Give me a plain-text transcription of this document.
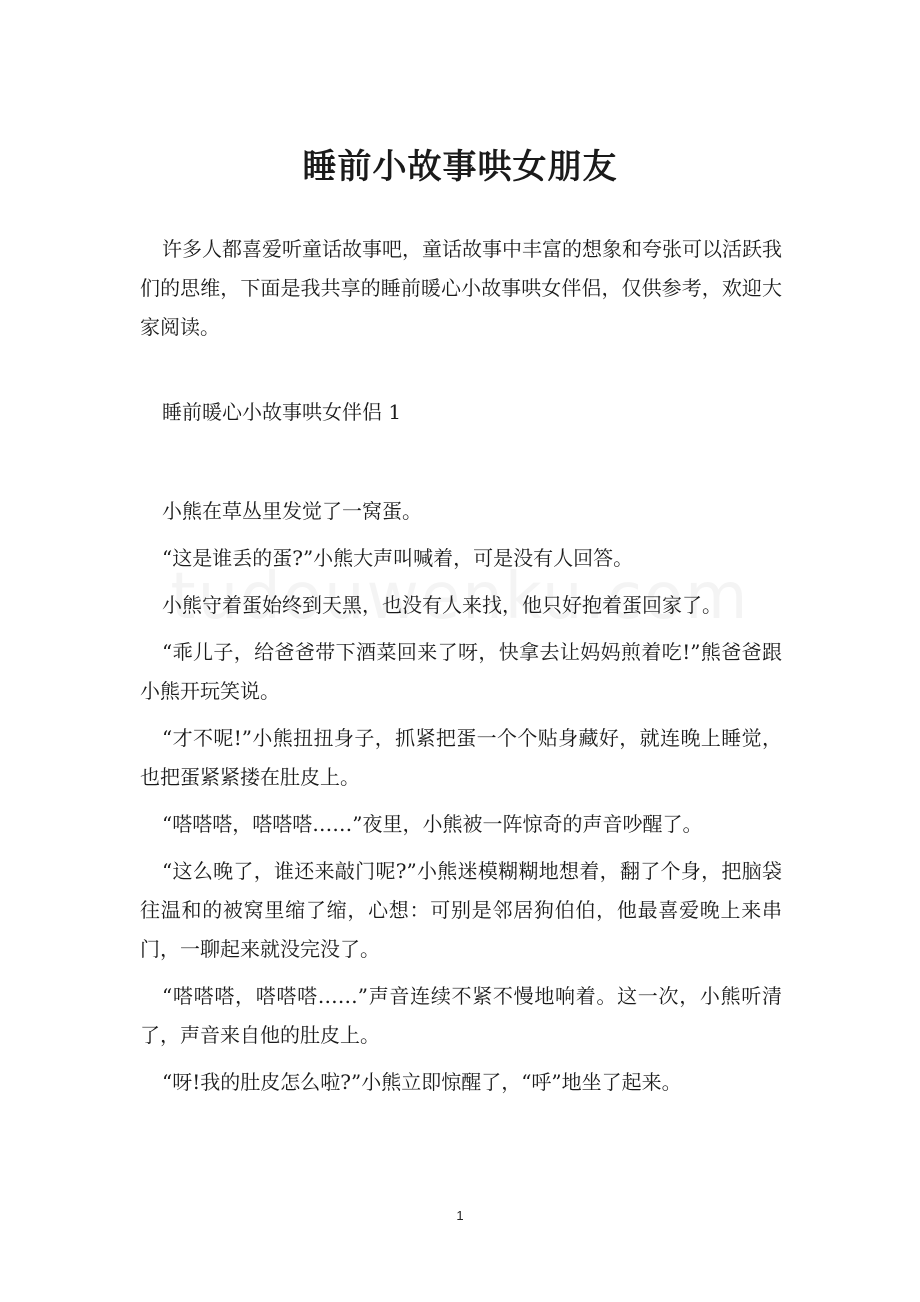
睡前小故事哄女朋友

许多人都喜爱听童话故事吧，童话故事中丰富的想象和夸张可以活跃我们的思维，下面是我共享的睡前暖心小故事哄女伴侣，仅供参考，欢迎大家阅读。

睡前暖心小故事哄女伴侣 1

小熊在草丛里发觉了一窝蛋。

“这是谁丢的蛋?”小熊大声叫喊着，可是没有人回答。

小熊守着蛋始终到天黑，也没有人来找，他只好抱着蛋回家了。

“乖儿子，给爸爸带下酒菜回来了呀，快拿去让妈妈煎着吃!”熊爸爸跟小熊开玩笑说。

“才不呢!”小熊扭扭身子，抓紧把蛋一个个贴身藏好，就连晚上睡觉，也把蛋紧紧搂在肚皮上。

“嗒嗒嗒，嗒嗒嗒……”夜里，小熊被一阵惊奇的声音吵醒了。

“这么晚了，谁还来敲门呢?”小熊迷模糊糊地想着，翻了个身，把脑袋往温和的被窝里缩了缩，心想：可别是邻居狗伯伯，他最喜爱晚上来串门，一聊起来就没完没了。

“嗒嗒嗒，嗒嗒嗒……”声音连续不紧不慢地响着。这一次，小熊听清了，声音来自他的肚皮上。

“呀!我的肚皮怎么啦?”小熊立即惊醒了，“呼”地坐了起来。

1
